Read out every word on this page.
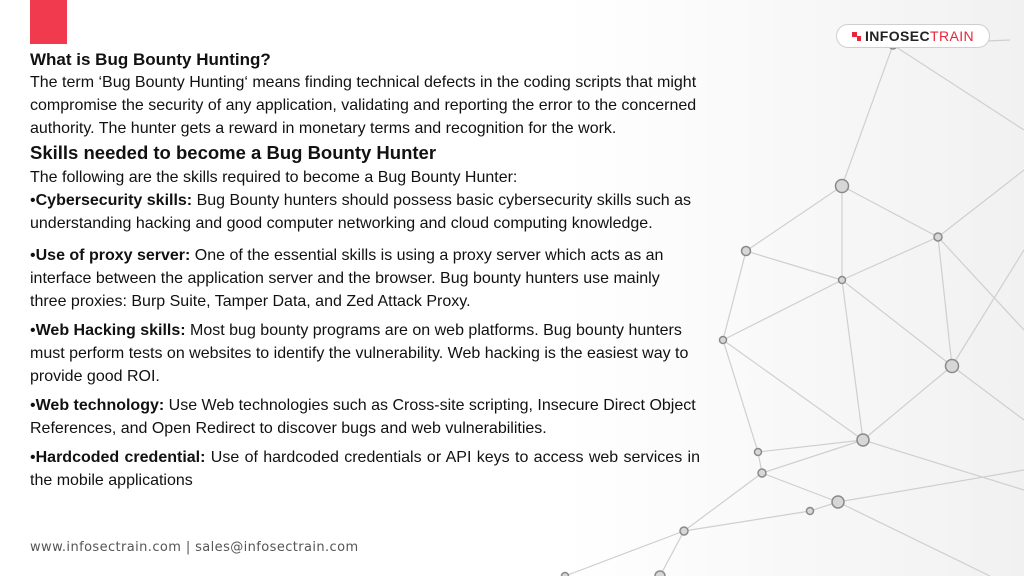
INFOSEC TRAIN

What is Bug Bounty Hunting?

The term ‘Bug Bounty Hunting‘ means finding technical defects in the coding scripts that might compromise the security of any application, validating and reporting the error to the concerned authority. The hunter gets a reward in monetary terms and recognition for the work.

Skills needed to become a Bug Bounty Hunter

The following are the skills required to become a Bug Bounty Hunter:

•Cybersecurity skills: Bug Bounty hunters should possess basic cybersecurity skills such as understanding hacking and good computer networking and cloud computing knowledge.

•Use of proxy server: One of the essential skills is using a proxy server which acts as an interface between the application server and the browser. Bug bounty hunters use mainly three proxies: Burp Suite, Tamper Data, and Zed Attack Proxy.

•Web Hacking skills: Most bug bounty programs are on web platforms. Bug bounty hunters must perform tests on websites to identify the vulnerability. Web hacking is the easiest way to provide good ROI.

•Web technology: Use Web technologies such as Cross-site scripting, Insecure Direct Object References, and Open Redirect to discover bugs and web vulnerabilities.

•Hardcoded credential: Use of hardcoded credentials or API keys to access web services in the mobile applications

www.infosectrain.com | sales@infosectrain.com
